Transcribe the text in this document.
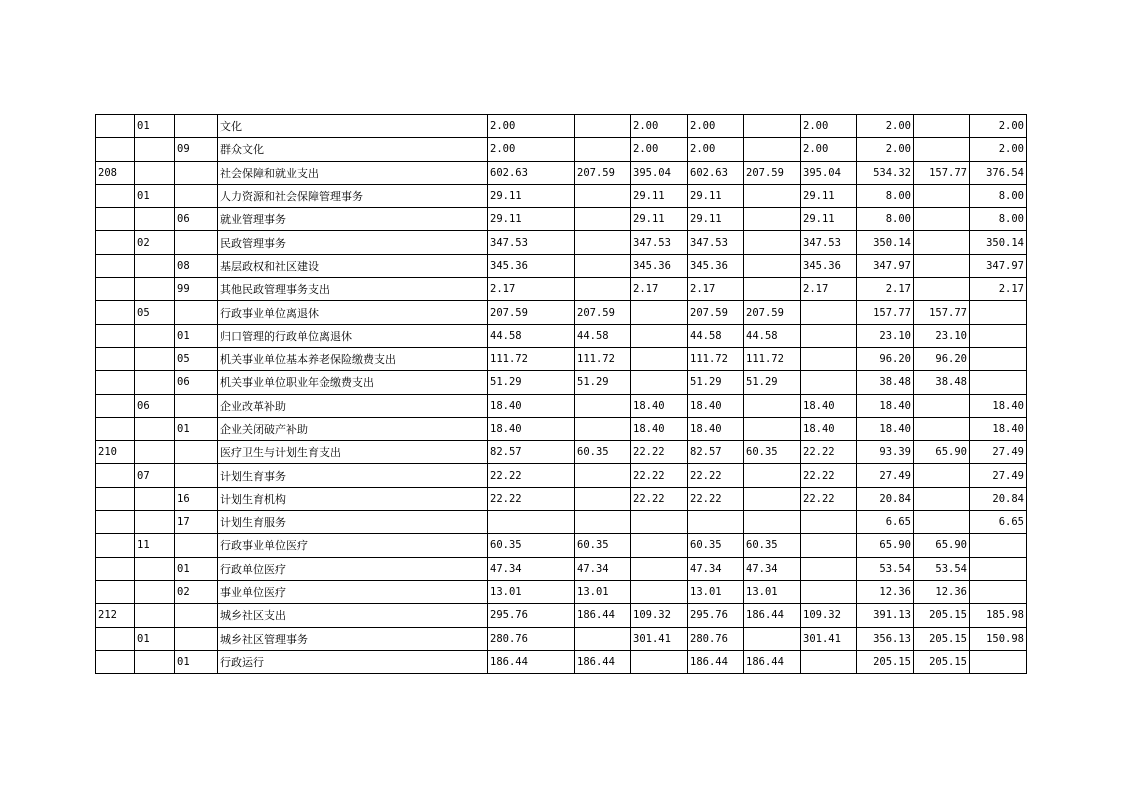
	01		文化	2.00		2.00	2.00		2.00	2.00		2.00
		09	群众文化	2.00		2.00	2.00		2.00	2.00		2.00
208			社会保障和就业支出	602.63	207.59	395.04	602.63	207.59	395.04	534.32	157.77	376.54
	01		人力资源和社会保障管理事务	29.11		29.11	29.11		29.11	8.00		8.00
		06	就业管理事务	29.11		29.11	29.11		29.11	8.00		8.00
	02		民政管理事务	347.53		347.53	347.53		347.53	350.14		350.14
		08	基层政权和社区建设	345.36		345.36	345.36		345.36	347.97		347.97
		99	其他民政管理事务支出	2.17		2.17	2.17		2.17	2.17		2.17
	05		行政事业单位离退休	207.59	207.59		207.59	207.59		157.77	157.77	
		01	归口管理的行政单位离退休	44.58	44.58		44.58	44.58		23.10	23.10	
		05	机关事业单位基本养老保险缴费支出	111.72	111.72		111.72	111.72		96.20	96.20	
		06	机关事业单位职业年金缴费支出	51.29	51.29		51.29	51.29		38.48	38.48	
	06		企业改革补助	18.40		18.40	18.40		18.40	18.40		18.40
		01	企业关闭破产补助	18.40		18.40	18.40		18.40	18.40		18.40
210			医疗卫生与计划生育支出	82.57	60.35	22.22	82.57	60.35	22.22	93.39	65.90	27.49
	07		计划生育事务	22.22		22.22	22.22		22.22	27.49		27.49
		16	计划生育机构	22.22		22.22	22.22		22.22	20.84		20.84
		17	计划生育服务							6.65		6.65
	11		行政事业单位医疗	60.35	60.35		60.35	60.35		65.90	65.90	
		01	行政单位医疗	47.34	47.34		47.34	47.34		53.54	53.54	
		02	事业单位医疗	13.01	13.01		13.01	13.01		12.36	12.36	
212			城乡社区支出	295.76	186.44	109.32	295.76	186.44	109.32	391.13	205.15	185.98
	01		城乡社区管理事务	280.76		301.41	280.76		301.41	356.13	205.15	150.98
		01	行政运行	186.44	186.44		186.44	186.44		205.15	205.15	
